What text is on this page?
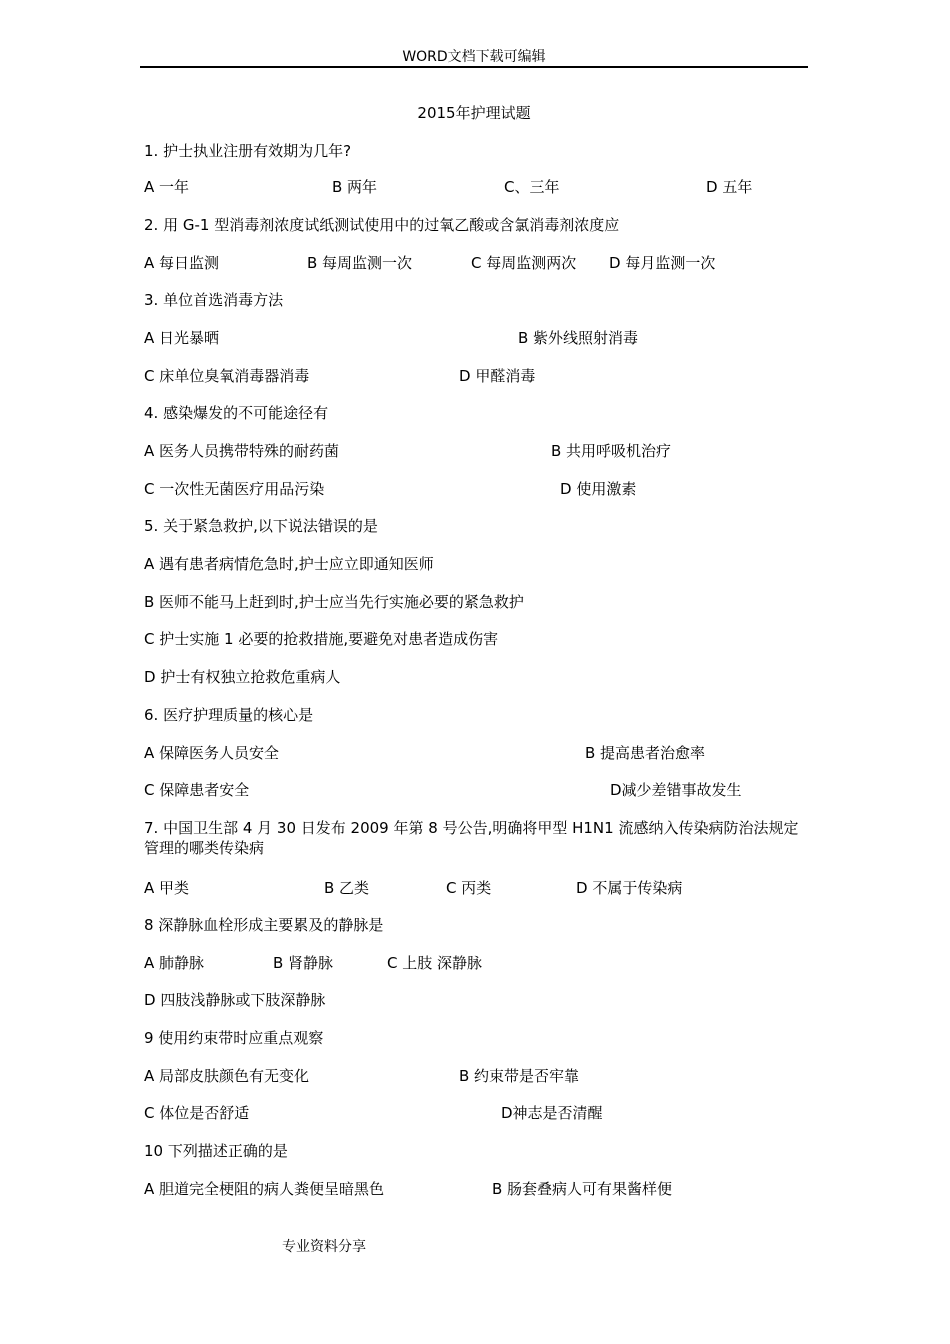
WORD文档下载可编辑
2015年护理试题
1. 护士执业注册有效期为几年?
A 一年	B 两年	C、三年	D 五年
2. 用 G-1 型消毒剂浓度试纸测试使用中的过氧乙酸或含氯消毒剂浓度应
A 每日监测	B 每周监测一次	C 每周监测两次 D 每月监测一次
3. 单位首选消毒方法
A 日光暴晒	B 紫外线照射消毒
C 床单位臭氧消毒器消毒	D 甲醛消毒
4. 感染爆发的不可能途径有
A 医务人员携带特殊的耐药菌	B 共用呼吸机治疗
C 一次性无菌医疗用品污染	D 使用激素
5. 关于紧急救护,以下说法错误的是
A 遇有患者病情危急时,护士应立即通知医师
B 医师不能马上赶到时,护士应当先行实施必要的紧急救护
C 护士实施 1 必要的抢救措施,要避免对患者造成伤害
D 护士有权独立抢救危重病人
6. 医疗护理质量的核心是
A 保障医务人员安全	B 提高患者治愈率
C 保障患者安全	D减少差错事故发生
7. 中国卫生部 4 月 30 日发布 2009 年第 8 号公告,明确将甲型 H1N1 流感纳入传染病防治法规定管理的哪类传染病
A 甲类	B 乙类	C 丙类	D 不属于传染病
8 深静脉血栓形成主要累及的静脉是
A 肺静脉	B 肾静脉	C 上肢 深静脉
D 四肢浅静脉或下肢深静脉
9 使用约束带时应重点观察
A 局部皮肤颜色有无变化	B 约束带是否牢靠
C 体位是否舒适	D神志是否清醒
10 下列描述正确的是
A 胆道完全梗阻的病人粪便呈暗黑色	B 肠套叠病人可有果酱样便
专业资料分享
